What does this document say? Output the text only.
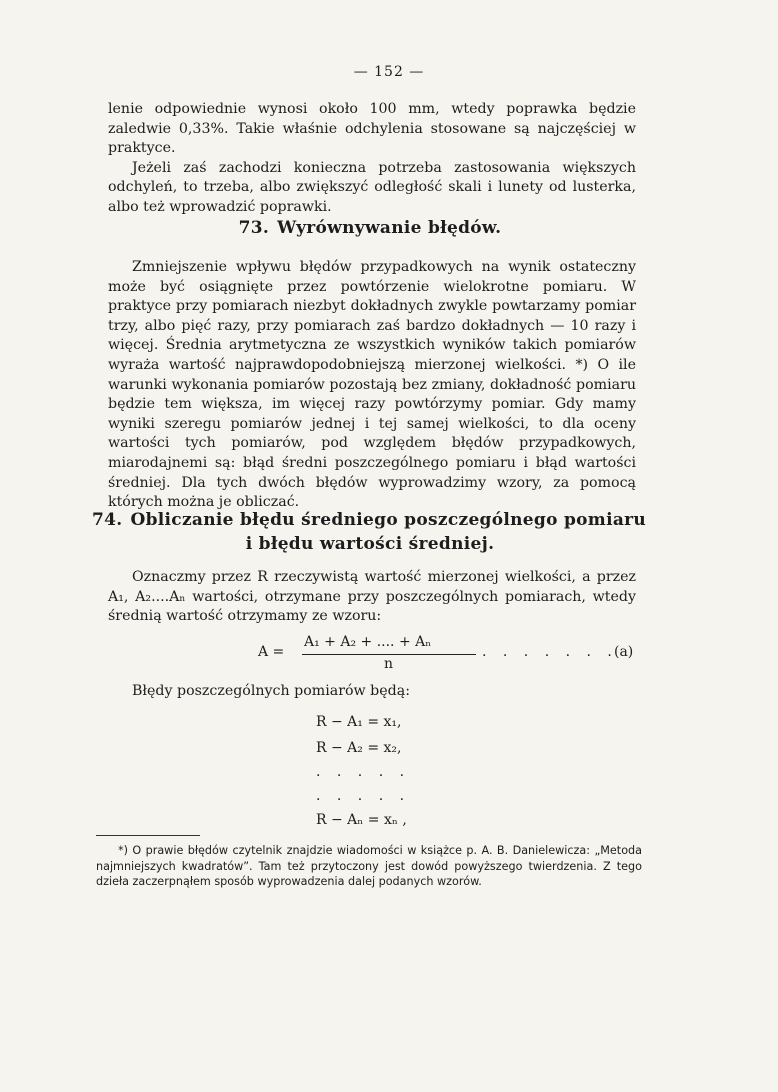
— 152 —

lenie odpowiednie wynosi około 100 mm, wtedy poprawka będzie zaledwie 0,33%. Takie właśnie odchylenia stosowane są najczęściej w praktyce.

Jeżeli zaś zachodzi konieczna potrzeba zastosowania większych odchyleń, to trzeba, albo zwiększyć odległość skali i lunety od lusterka, albo też wprowadzić poprawki.

73. Wyrównywanie błędów.

Zmniejszenie wpływu błędów przypadkowych na wynik ostateczny może być osiągnięte przez powtórzenie wielokrotne pomiaru. W praktyce przy pomiarach niezbyt dokładnych zwykle powtarzamy pomiar trzy, albo pięć razy, przy pomiarach zaś bardzo dokładnych — 10 razy i więcej. Średnia arytmetyczna ze wszystkich wyników takich pomiarów wyraża wartość najprawdopodobniejszą mierzonej wielkości. *) O ile warunki wykonania pomiarów pozostają bez zmiany, dokładność pomiaru będzie tem większa, im więcej razy powtórzymy pomiar. Gdy mamy wyniki szeregu pomiarów jednej i tej samej wielkości, to dla oceny wartości tych pomiarów, pod względem błędów przypadkowych, miarodajnemi są: błąd średni poszczególnego pomiaru i błąd wartości średniej. Dla tych dwóch błędów wyprowadzimy wzory, za pomocą których można je obliczać.

74. Obliczanie błędu średniego poszczególnego pomiaru
i błędu wartości średniej.

Oznaczmy przez R rzeczywistą wartość mierzonej wielkości, a przez A₁, A₂....Aₙ wartości, otrzymane przy poszczególnych pomiarach, wtedy średnią wartość otrzymamy ze wzoru:

A =
A₁ + A₂ + .... + Aₙ
n
. . . . . . .
(a)

Błędy poszczególnych pomiarów będą:

R − A₁ = x₁,
R − A₂ = x₂,
. . . . .
. . . . .
R − Aₙ = xₙ ,

*) O prawie błędów czytelnik znajdzie wiadomości w książce p. A. B. Danielewicza: „Metoda najmniejszych kwadratów”. Tam też przytoczony jest dowód powyższego twierdzenia. Z tego dzieła zaczerpnąłem sposób wyprowadzenia dalej podanych wzorów.
